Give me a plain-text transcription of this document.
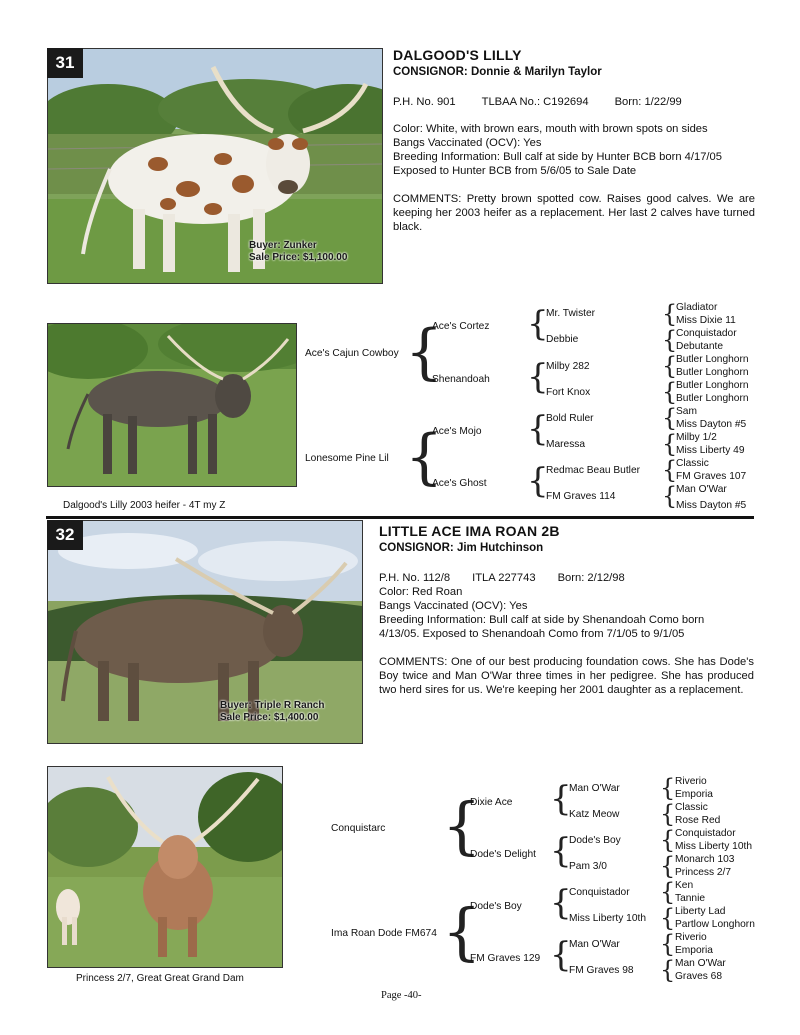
31
Buyer: Zunker
Sale Price: $1,100.00
DALGOOD'S LILLY
CONSIGNOR: Donnie & Marilyn Taylor
P.H. No. 901 TLBAA No.: C192694 Born: 1/22/99
Color: White, with brown ears, mouth with brown spots on sides
Bangs Vaccinated (OCV): Yes
Breeding Information: Bull calf at side by Hunter BCB born 4/17/05
Exposed to Hunter BCB from 5/6/05 to Sale Date
COMMENTS: Pretty brown spotted cow. Raises good calves. We are keeping her 2003 heifer as a replacement. Her last 2 calves have turned black.
Dalgood's Lilly 2003 heifer - 4T my Z
Ace's Cajun Cowboy
Lonesome Pine Lil
{
{
Ace's Cortez
Shenandoah
Ace's Mojo
Ace's Ghost
{
{
{
{
Mr. Twister
Debbie
Milby 282
Fort Knox
Bold Ruler
Maressa
Redmac Beau Butler
FM Graves 114
{
{
{
{
{
{
{
{
Gladiator
Miss Dixie 11
Conquistador
Debutante
Butler Longhorn
Butler Longhorn
Butler Longhorn
Butler Longhorn
Sam
Miss Dayton #5
Milby 1/2
Miss Liberty 49
Classic
FM Graves 107
Man O'War
Miss Dayton #5
32
Buyer: Triple R Ranch
Sale Price: $1,400.00
LITTLE ACE IMA ROAN 2B
CONSIGNOR: Jim Hutchinson
P.H. No. 112/8 ITLA 227743 Born: 2/12/98
Color: Red Roan
Bangs Vaccinated (OCV): Yes
Breeding Information: Bull calf at side by Shenandoah Como born
4/13/05. Exposed to Shenandoah Como from 7/1/05 to 9/1/05
COMMENTS: One of our best producing foundation cows. She has Dode's Boy twice and Man O'War three times in her pedigree. She has produced two herd sires for us. We're keeping her 2001 daughter as a replacement.
Princess 2/7, Great Great Grand Dam
Conquistarc
Ima Roan Dode FM674
{
{
Dixie Ace
Dode's Delight
Dode's Boy
FM Graves 129
{
{
{
{
Man O'War
Katz Meow
Dode's Boy
Pam 3/0
Conquistador
Miss Liberty 10th
Man O'War
FM Graves 98
{
{
{
{
{
{
{
{
Riverio
Emporia
Classic
Rose Red
Conquistador
Miss Liberty 10th
Monarch 103
Princess 2/7
Ken
Tannie
Liberty Lad
Partlow Longhorn
Riverio
Emporia
Man O'War
Graves 68
Page -40-
